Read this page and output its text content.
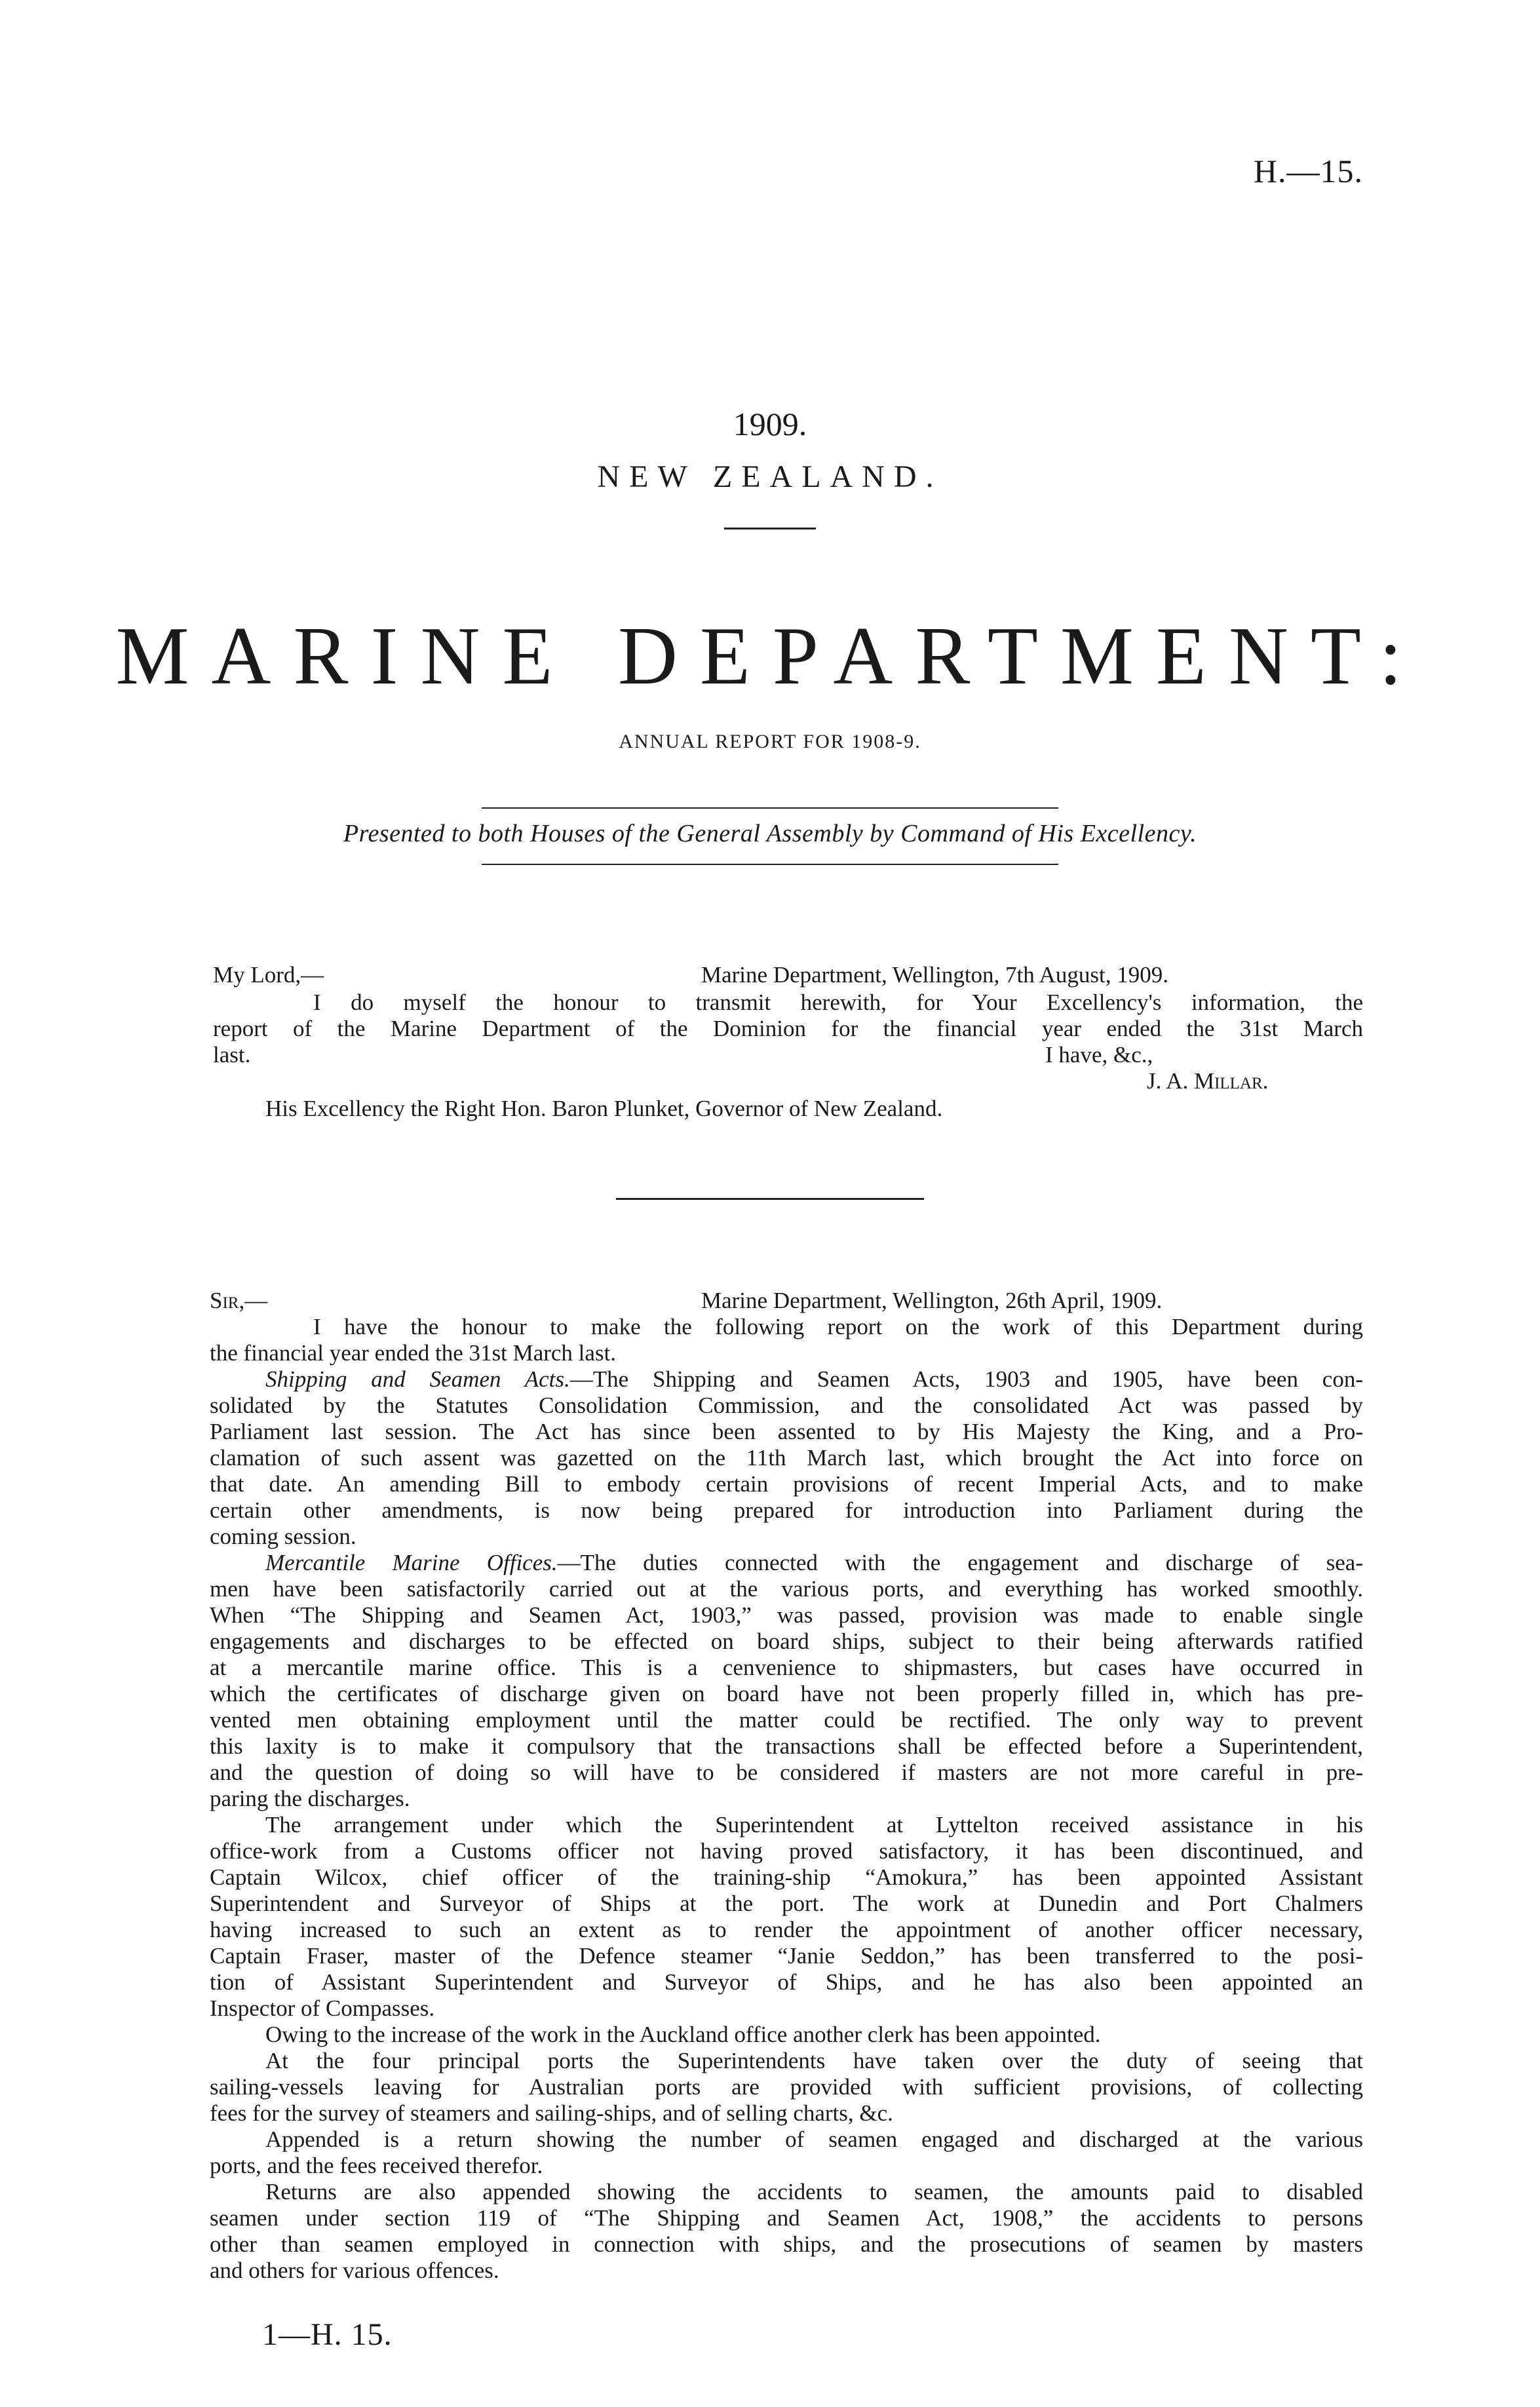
H.—15.
1909.
NEW ZEALAND.
MARINE DEPARTMENT:
ANNUAL REPORT FOR 1908-9.
Presented to both Houses of the General Assembly by Command of His Excellency.
My Lord,—	Marine Department, Wellington, 7th August, 1909.
I do myself the honour to transmit herewith, for Your Excellency's information, the
report of the Marine Department of the Dominion for the financial year ended the 31st March
last.	I have, &c.,
J. A. Millar.
His Excellency the Right Hon. Baron Plunket, Governor of New Zealand.
Sir,—	Marine Department, Wellington, 26th April, 1909.
I have the honour to make the following report on the work of this Department during
the financial year ended the 31st March last.
Shipping and Seamen Acts.—The Shipping and Seamen Acts, 1903 and 1905, have been con-
solidated by the Statutes Consolidation Commission, and the consolidated Act was passed by
Parliament last session. The Act has since been assented to by His Majesty the King, and a Pro-
clamation of such assent was gazetted on the 11th March last, which brought the Act into force on
that date. An amending Bill to embody certain provisions of recent Imperial Acts, and to make
certain other amendments, is now being prepared for introduction into Parliament during the
coming session.
Mercantile Marine Offices.—The duties connected with the engagement and discharge of sea-
men have been satisfactorily carried out at the various ports, and everything has worked smoothly.
When “The Shipping and Seamen Act, 1903,” was passed, provision was made to enable single
engagements and discharges to be effected on board ships, subject to their being afterwards ratified
at a mercantile marine office. This is a cenvenience to shipmasters, but cases have occurred in
which the certificates of discharge given on board have not been properly filled in, which has pre-
vented men obtaining employment until the matter could be rectified. The only way to prevent
this laxity is to make it compulsory that the transactions shall be effected before a Superintendent,
and the question of doing so will have to be considered if masters are not more careful in pre-
paring the discharges.
The arrangement under which the Superintendent at Lyttelton received assistance in his
office-work from a Customs officer not having proved satisfactory, it has been discontinued, and
Captain Wilcox, chief officer of the training-ship “Amokura,” has been appointed Assistant
Superintendent and Surveyor of Ships at the port. The work at Dunedin and Port Chalmers
having increased to such an extent as to render the appointment of another officer necessary,
Captain Fraser, master of the Defence steamer “Janie Seddon,” has been transferred to the posi-
tion of Assistant Superintendent and Surveyor of Ships, and he has also been appointed an
Inspector of Compasses.
Owing to the increase of the work in the Auckland office another clerk has been appointed.
At the four principal ports the Superintendents have taken over the duty of seeing that
sailing-vessels leaving for Australian ports are provided with sufficient provisions, of collecting
fees for the survey of steamers and sailing-ships, and of selling charts, &c.
Appended is a return showing the number of seamen engaged and discharged at the various
ports, and the fees received therefor.
Returns are also appended showing the accidents to seamen, the amounts paid to disabled
seamen under section 119 of “The Shipping and Seamen Act, 1908,” the accidents to persons
other than seamen employed in connection with ships, and the prosecutions of seamen by masters
and others for various offences.
1—H. 15.
